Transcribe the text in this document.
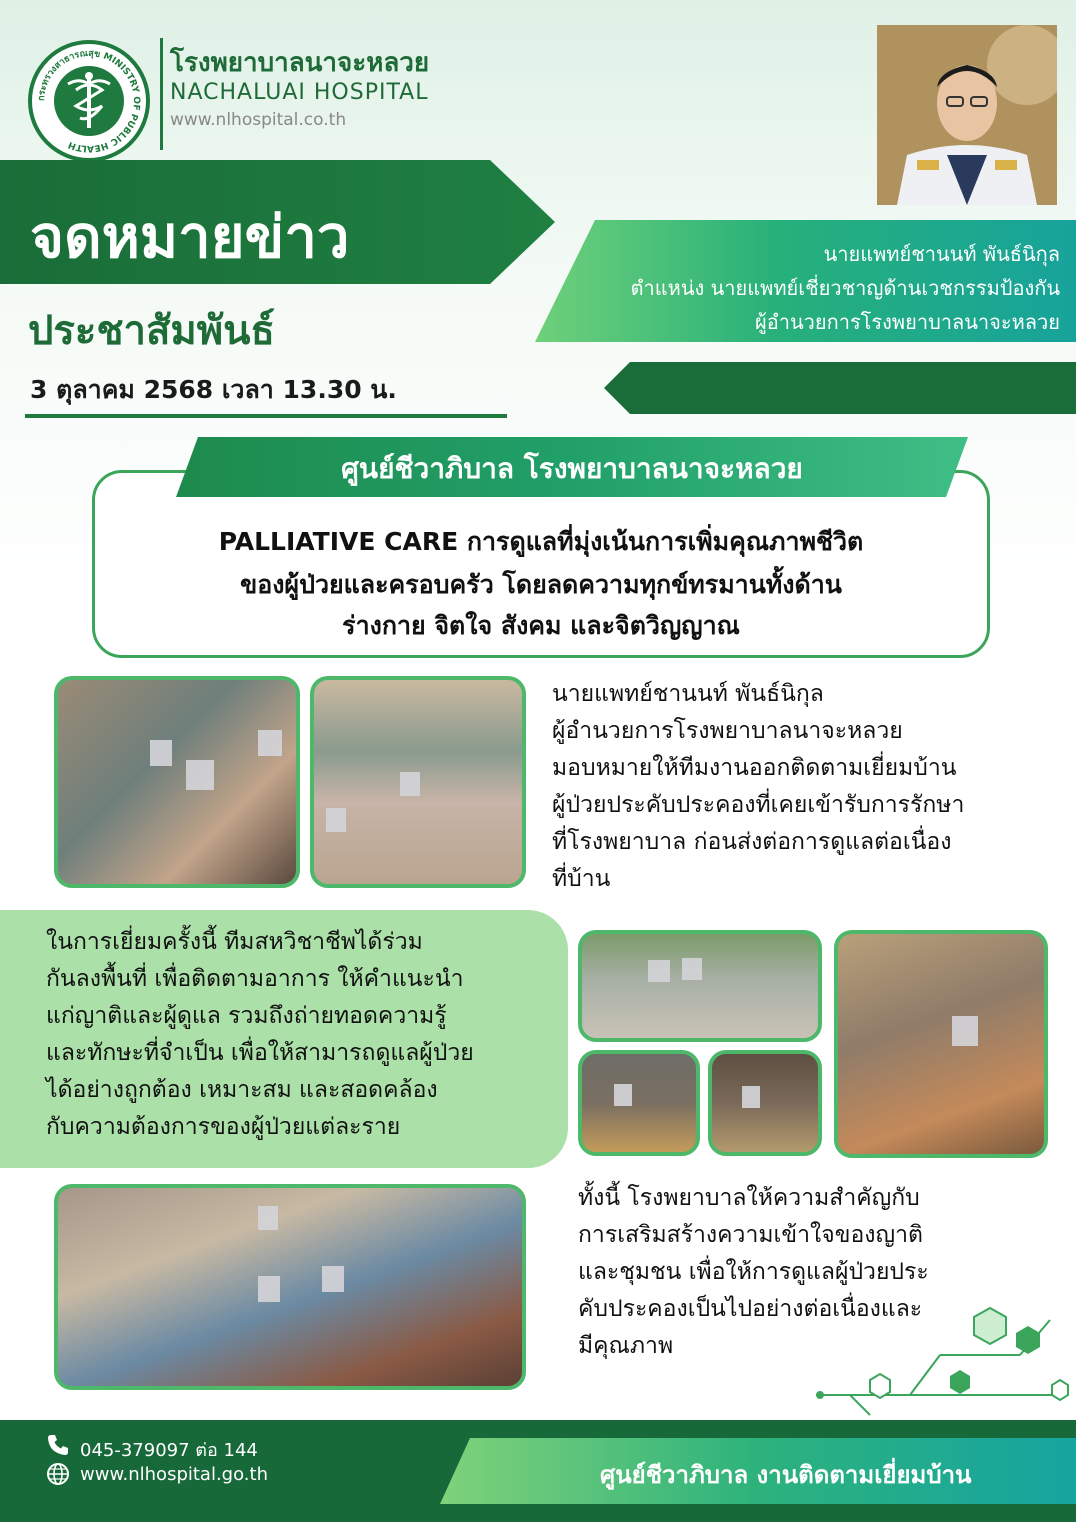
กระทรวงสาธารณสุข MINISTRY OF PUBLIC HEALTH
โรงพยาบาลนาจะหลวย
NACHALUAI HOSPITAL
www.nlhospital.co.th
จดหมายข่าว
ประชาสัมพันธ์
3 ตุลาคม 2568 เวลา 13.30 น.
นายแพทย์ชานนท์ พันธ์นิกุล
ตำแหน่ง นายแพทย์เชี่ยวชาญด้านเวชกรรมป้องกัน
ผู้อำนวยการโรงพยาบาลนาจะหลวย
ศูนย์ชีวาภิบาล โรงพยาบาลนาจะหลวย
PALLIATIVE CARE การดูแลที่มุ่งเน้นการเพิ่มคุณภาพชีวิต
ของผู้ป่วยและครอบครัว โดยลดความทุกข์ทรมานทั้งด้าน
ร่างกาย จิตใจ สังคม และจิตวิญญาณ
นายแพทย์ชานนท์ พันธ์นิกุล
ผู้อำนวยการโรงพยาบาลนาจะหลวย
มอบหมายให้ทีมงานออกติดตามเยี่ยมบ้าน
ผู้ป่วยประคับประคองที่เคยเข้ารับการรักษา
ที่โรงพยาบาล ก่อนส่งต่อการดูแลต่อเนื่อง
ที่บ้าน
ในการเยี่ยมครั้งนี้ ทีมสหวิชาชีพได้ร่วม
กันลงพื้นที่ เพื่อติดตามอาการ ให้คำแนะนำ
แก่ญาติและผู้ดูแล รวมถึงถ่ายทอดความรู้
และทักษะที่จำเป็น เพื่อให้สามารถดูแลผู้ป่วย
ได้อย่างถูกต้อง เหมาะสม และสอดคล้อง
กับความต้องการของผู้ป่วยแต่ละราย
ทั้งนี้ โรงพยาบาลให้ความสำคัญกับ
การเสริมสร้างความเข้าใจของญาติ
และชุมชน เพื่อให้การดูแลผู้ป่วยประ
คับประคองเป็นไปอย่างต่อเนื่องและ
มีคุณภาพ
045-379097 ต่อ 144
www.nlhospital.go.th	ศูนย์ชีวาภิบาล งานติดตามเยี่ยมบ้าน
